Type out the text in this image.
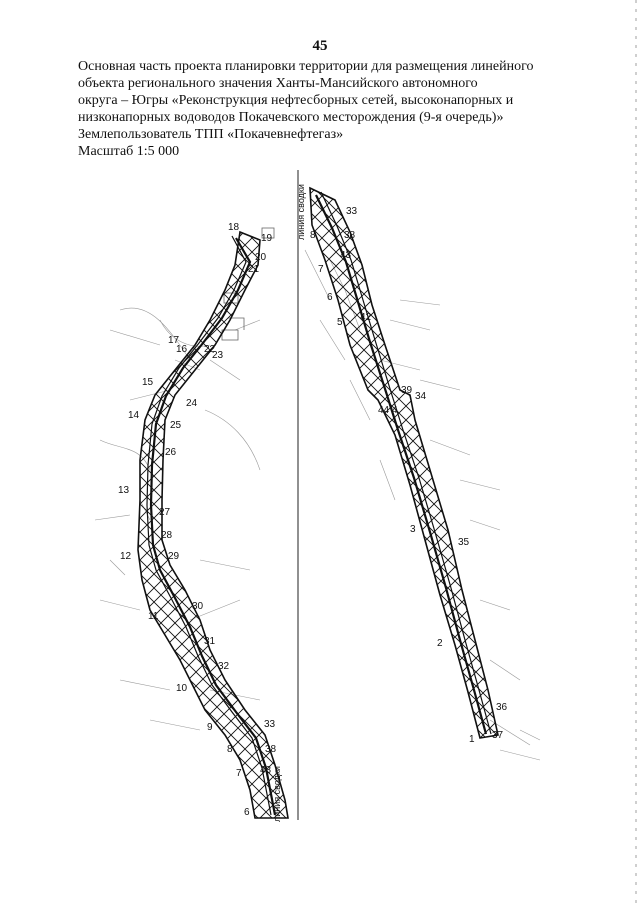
45
Основная часть проекта планировки территории для размещения линейного
объекта регионального значения Ханты-Мансийского автономного
округа – Югры «Реконструкция нефтесборных сетей, высоконапорных и
низконапорных водоводов Покачевского месторождения (9-я очередь)»
Землепользователь ТПП «Покачевнефтегаз»
Масштаб 1:5 000
18
19
20
21
17
16 22
23
15
24
14
25
26
13
27
28
12	29
11
30
31
32
10
9	33
8	38
43
7
6 линия сводки
линия сводки	33
38
8
43
7
6
5 42
39
34
44 4
3
35
2
36
1 37
